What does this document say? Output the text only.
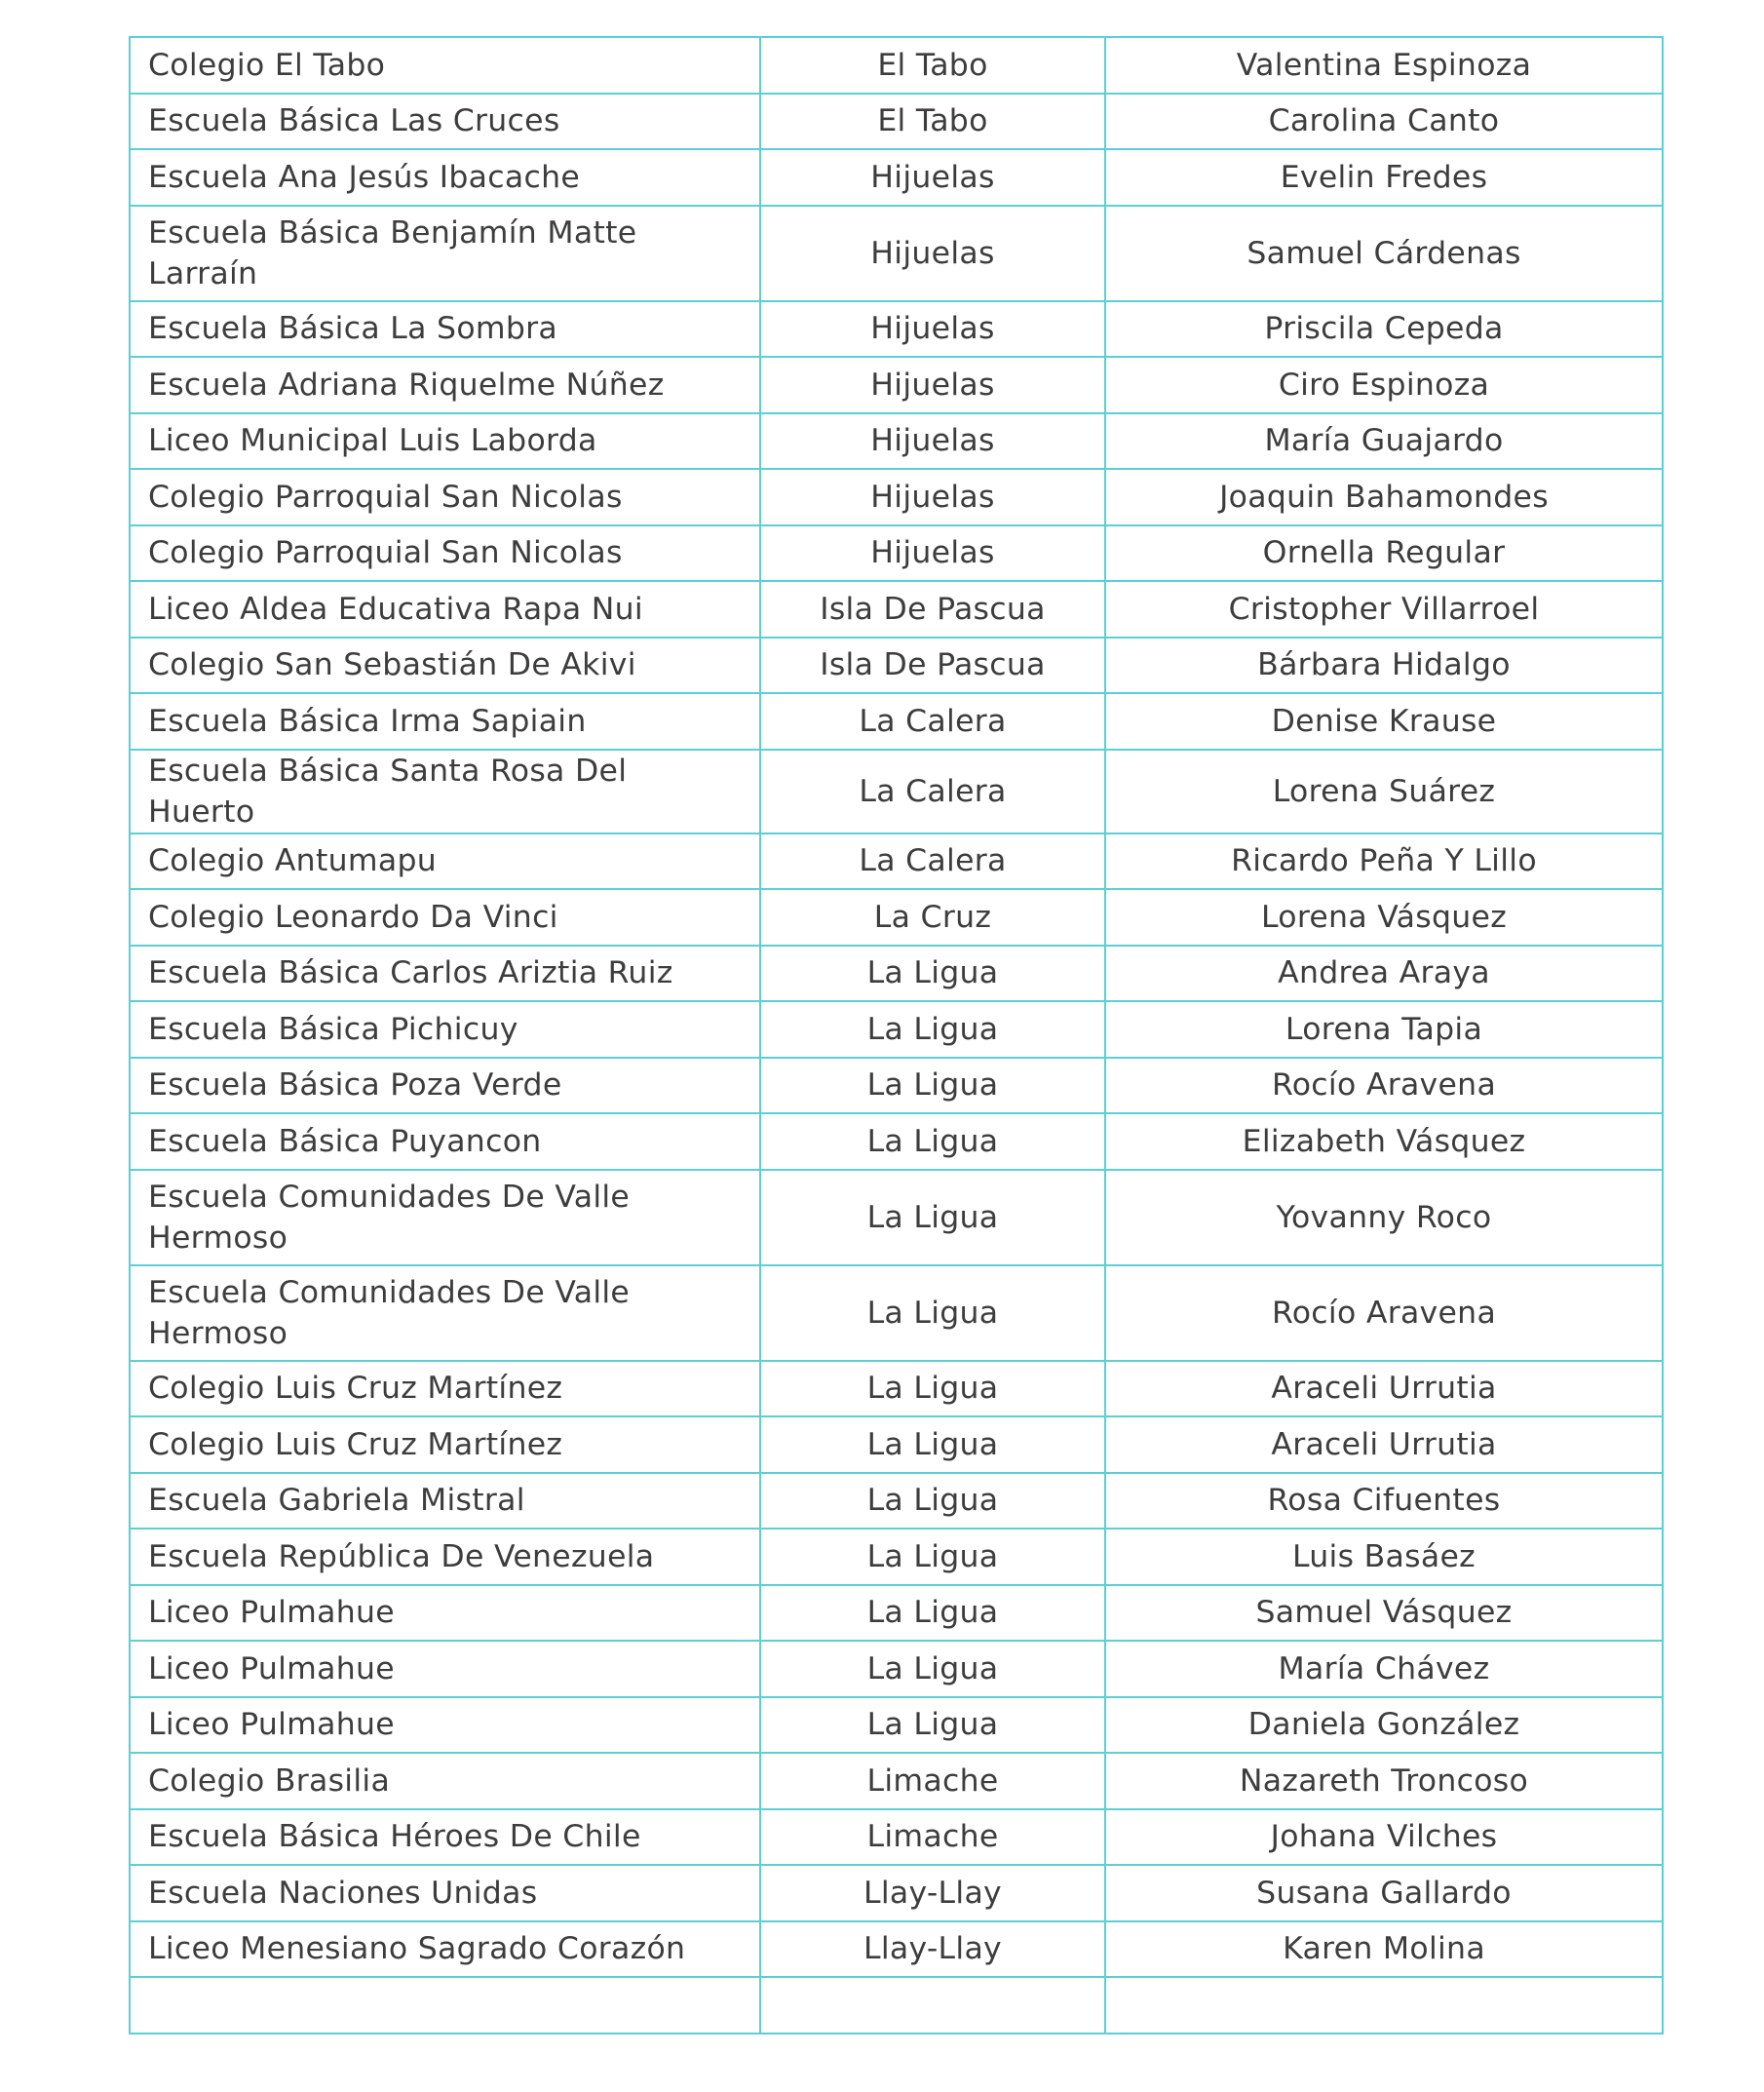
Colegio El Tabo	El Tabo	Valentina Espinoza
Escuela Básica Las Cruces	El Tabo	Carolina Canto
Escuela Ana Jesús Ibacache	Hijuelas	Evelin Fredes
Escuela Básica Benjamín Matte Larraín	Hijuelas	Samuel Cárdenas
Escuela Básica La Sombra	Hijuelas	Priscila Cepeda
Escuela Adriana Riquelme Núñez	Hijuelas	Ciro Espinoza
Liceo Municipal Luis Laborda	Hijuelas	María Guajardo
Colegio Parroquial San Nicolas	Hijuelas	Joaquin Bahamondes
Colegio Parroquial San Nicolas	Hijuelas	Ornella Regular
Liceo Aldea Educativa Rapa Nui	Isla De Pascua	Cristopher Villarroel
Colegio San Sebastián De Akivi	Isla De Pascua	Bárbara Hidalgo
Escuela Básica Irma Sapiain	La Calera	Denise Krause
Escuela Básica Santa Rosa Del Huerto	La Calera	Lorena Suárez
Colegio Antumapu	La Calera	Ricardo Peña Y Lillo
Colegio Leonardo Da Vinci	La Cruz	Lorena Vásquez
Escuela Básica Carlos Ariztia Ruiz	La Ligua	Andrea Araya
Escuela Básica Pichicuy	La Ligua	Lorena Tapia
Escuela Básica Poza Verde	La Ligua	Rocío Aravena
Escuela Básica Puyancon	La Ligua	Elizabeth Vásquez
Escuela Comunidades De Valle Hermoso	La Ligua	Yovanny Roco
Escuela Comunidades De Valle Hermoso	La Ligua	Rocío Aravena
Colegio Luis Cruz Martínez	La Ligua	Araceli Urrutia
Colegio Luis Cruz Martínez	La Ligua	Araceli Urrutia
Escuela Gabriela Mistral	La Ligua	Rosa Cifuentes
Escuela República De Venezuela	La Ligua	Luis Basáez
Liceo Pulmahue	La Ligua	Samuel Vásquez
Liceo Pulmahue	La Ligua	María Chávez
Liceo Pulmahue	La Ligua	Daniela González
Colegio Brasilia	Limache	Nazareth Troncoso
Escuela Básica Héroes De Chile	Limache	Johana Vilches
Escuela Naciones Unidas	Llay-Llay	Susana Gallardo
Liceo Menesiano Sagrado Corazón	Llay-Llay	Karen Molina
